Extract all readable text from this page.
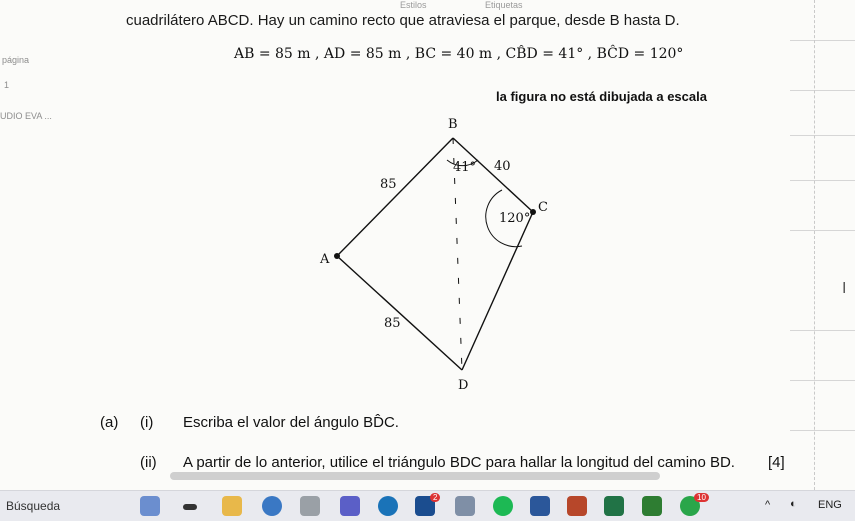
Estilos	Etiquetas
página
1
UDIO EVA ...
cuadrilátero ABCD. Hay un camino recto que atraviesa el parque, desde B hasta D.
AB = 85 m , AD = 85 m , BC = 40 m , CB̂D = 41° , BĈD = 120°
la figura no está dibujada a escala
B
A
C
D
85
85
40
41°
120°
(a) (i) Escriba el valor del ángulo BD̂C.
(ii) A partir de lo anterior, utilice el triángulo BDC para hallar la longitud del camino BD. [4]
I
Búsqueda
2	10
^ ◐ ENG
